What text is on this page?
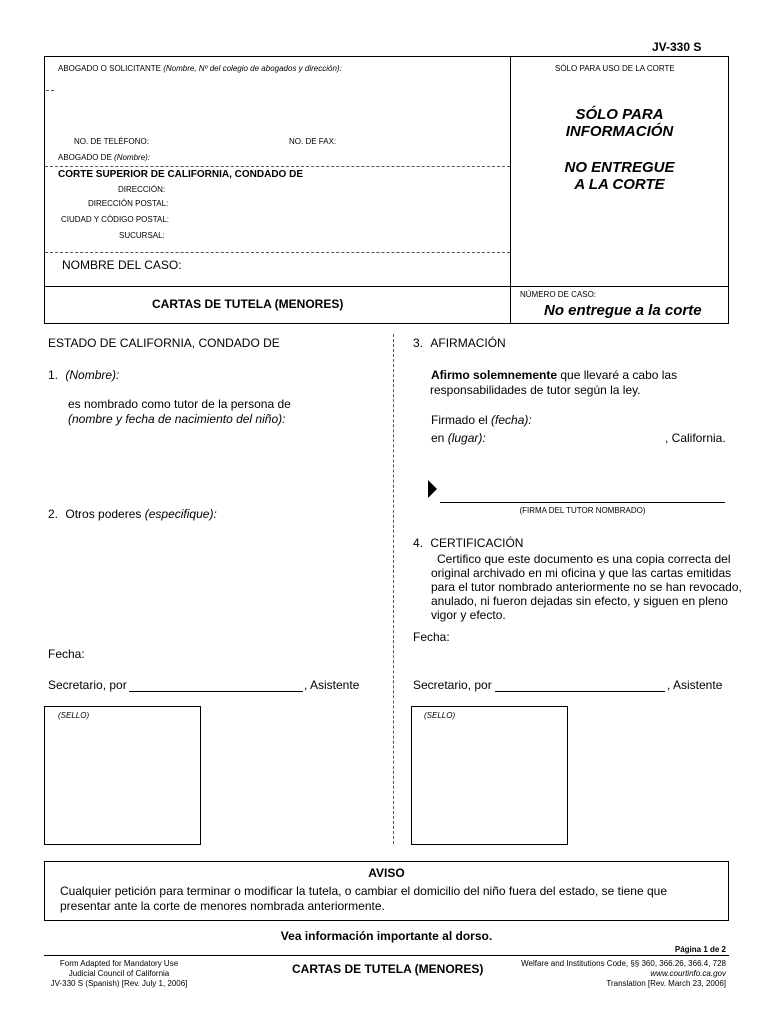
JV-330 S
ABOGADO O SOLICITANTE (Nombre, Nº del colegio de abogados y dirección):	SÓLO PARA USO DE LA CORTE
NO. DE TELÉFONO:	NO. DE FAX:
ABOGADO DE (Nombre):
CORTE SUPERIOR DE CALIFORNIA, CONDADO DE
DIRECCIÓN:
DIRECCIÓN POSTAL:
CIUDAD Y CÓDIGO POSTAL:
SUCURSAL:
NOMBRE DEL CASO:
NÚMERO DE CASO:
CARTAS DE TUTELA (MENORES)	No entregue a la corte
SÓLO PARA
INFORMACIÓN
NO ENTREGUE
A LA CORTE
ESTADO DE CALIFORNIA, CONDADO DE
1. (Nombre):
es nombrado como tutor de la persona de
(nombre y fecha de nacimiento del niño):
2. Otros poderes (especifique):
Fecha:
Secretario, por	, Asistente
(SELLO)
3. AFIRMACIÓN
Afirmo solemnemente que llevaré a cabo las
responsabilidades de tutor según la ley.
Firmado el (fecha):
en (lugar):	, California.
(FIRMA DEL TUTOR NOMBRADO)
4. CERTIFICACIÓN
Certifico que este documento es una copia correcta del
original archivado en mi oficina y que las cartas emitidas
para el tutor nombrado anteriormente no se han revocado,
anulado, ni fueron dejadas sin efecto, y siguen en pleno
vigor y efecto.
Fecha:
Secretario, por	, Asistente
(SELLO)
AVISO
Cualquier petición para terminar o modificar la tutela, o cambiar el domicilio del niño fuera del estado, se tiene que
presentar ante la corte de menores nombrada anteriormente.
Vea información importante al dorso.
Página 1 de 2
Form Adapted for Mandatory Use
Judicial Council of California
JV-330 S (Spanish) [Rev. July 1, 2006]
CARTAS DE TUTELA (MENORES)	Welfare and Institutions Code, §§ 360, 366.26, 366.4, 728
www.courtinfo.ca.gov
Translation [Rev. March 23, 2006]
